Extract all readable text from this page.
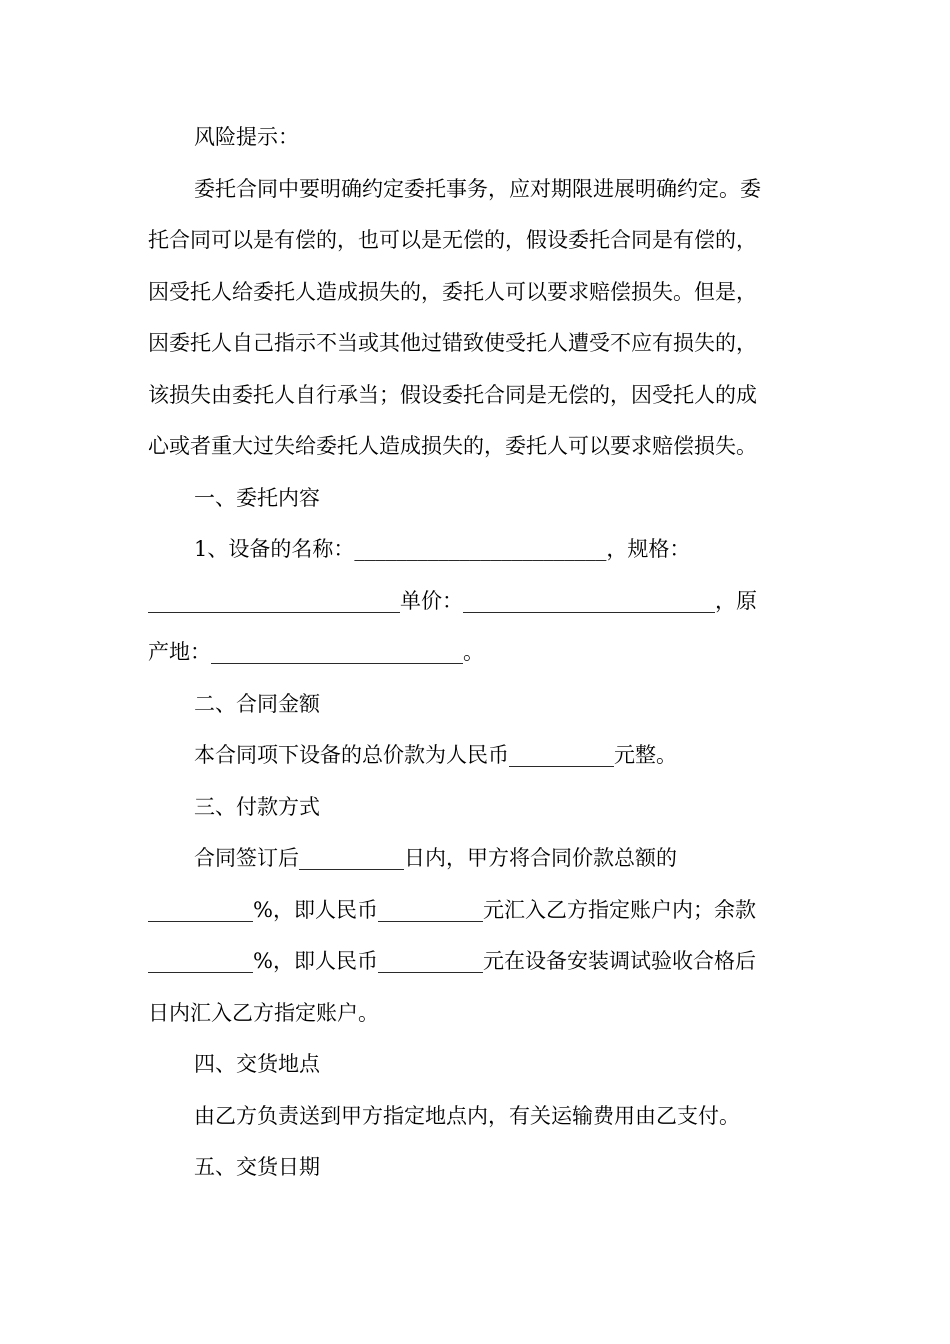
风险提示：
委托合同中要明确约定委托事务，应对期限进展明确约定。委
托合同可以是有偿的，也可以是无偿的，假设委托合同是有偿的，
因受托人给委托人造成损失的，委托人可以要求赔偿损失。但是，
因委托人自己指示不当或其他过错致使受托人遭受不应有损失的，
该损失由委托人自行承当；假设委托合同是无偿的，因受托人的成
心或者重大过失给委托人造成损失的，委托人可以要求赔偿损失。
一、委托内容
1、设备的名称：________________________，规格：
________________________单价：________________________，原
产地：________________________。
二、合同金额
本合同项下设备的总价款为人民币__________元整。
三、付款方式
合同签订后__________日内，甲方将合同价款总额的
__________%，即人民币__________元汇入乙方指定账户内；余款
__________%，即人民币__________元在设备安装调试验收合格后
日内汇入乙方指定账户。
四、交货地点
由乙方负责送到甲方指定地点内，有关运输费用由乙支付。
五、交货日期
